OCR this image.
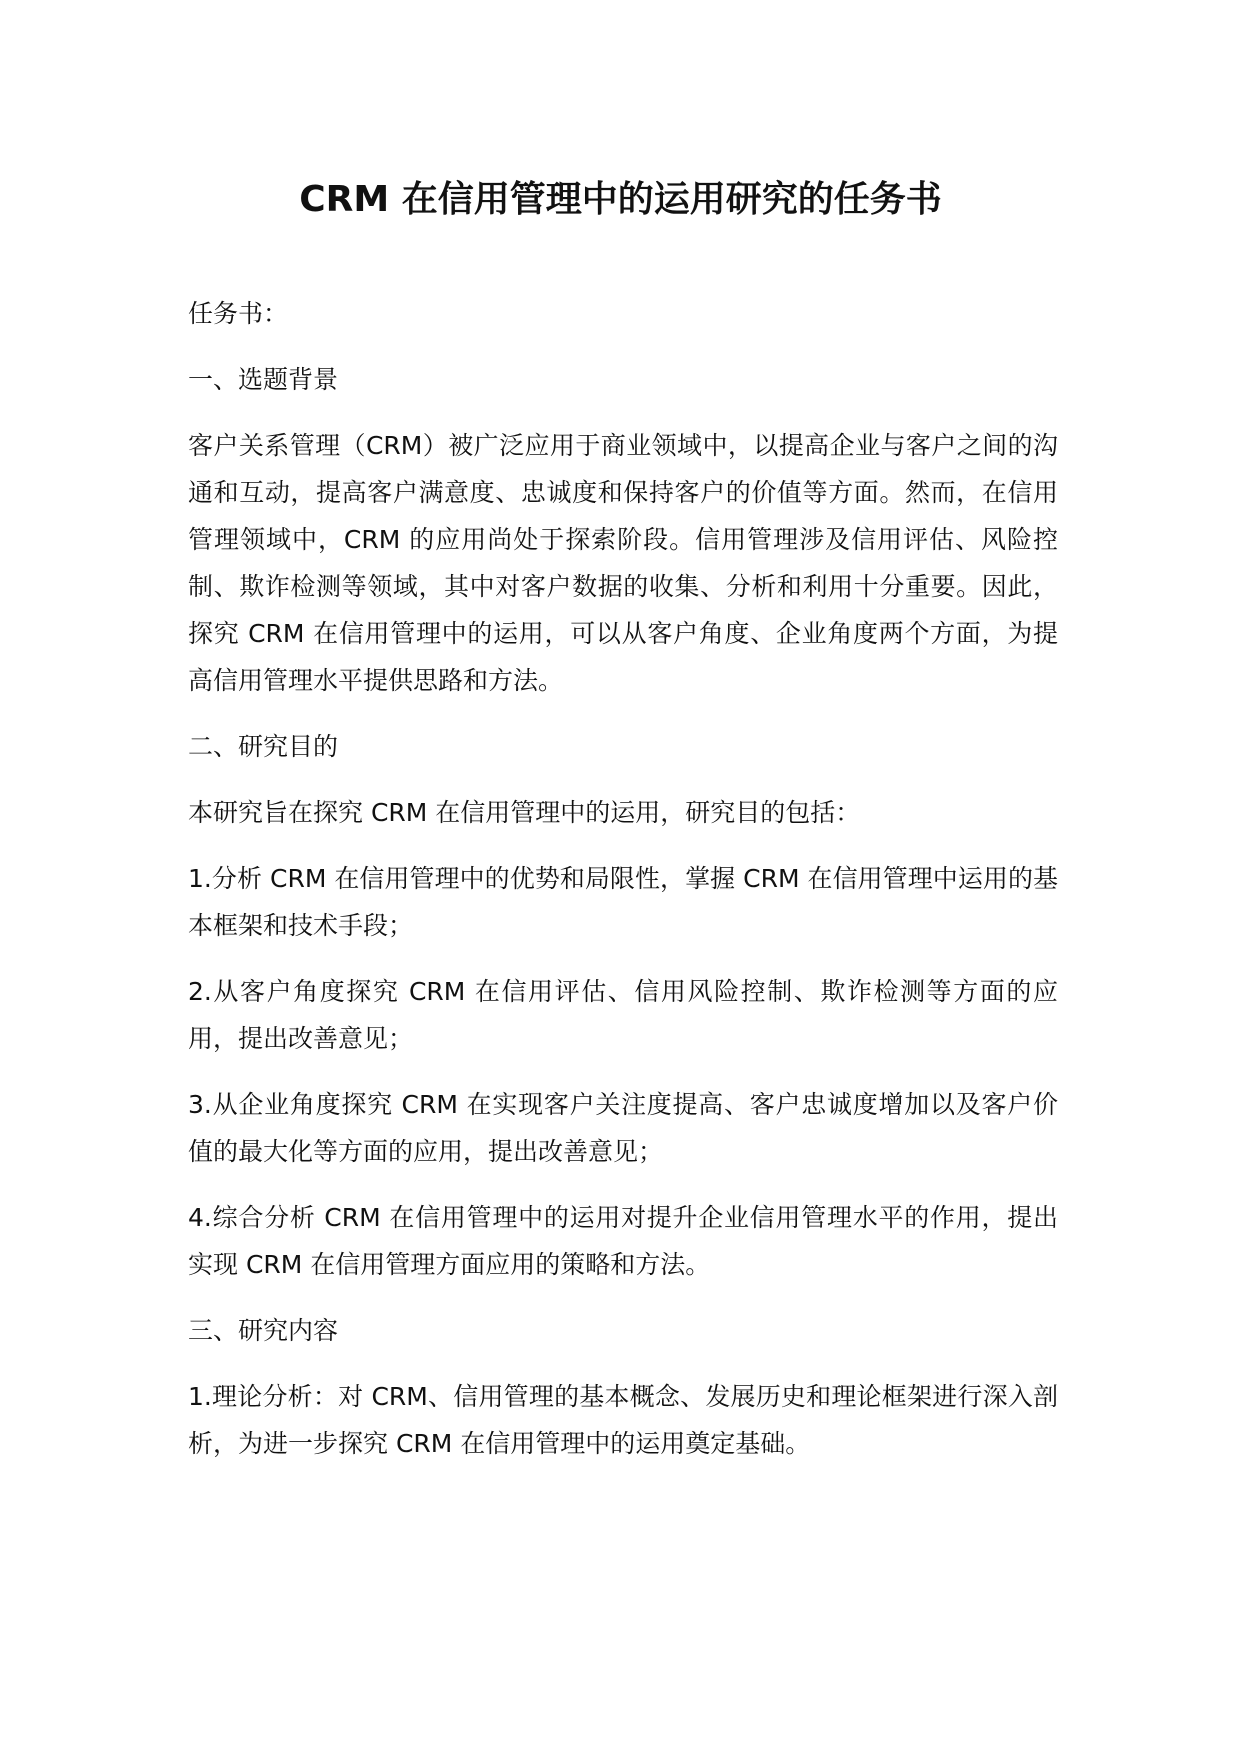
CRM 在信用管理中的运用研究的任务书

任务书：

一、选题背景

客户关系管理（CRM）被广泛应用于商业领域中，以提高企业与客户之间的沟通和互动，提高客户满意度、忠诚度和保持客户的价值等方面。然而，在信用管理领域中，CRM 的应用尚处于探索阶段。信用管理涉及信用评估、风险控制、欺诈检测等领域，其中对客户数据的收集、分析和利用十分重要。因此，探究 CRM 在信用管理中的运用，可以从客户角度、企业角度两个方面，为提高信用管理水平提供思路和方法。

二、研究目的

本研究旨在探究 CRM 在信用管理中的运用，研究目的包括：

1.分析 CRM 在信用管理中的优势和局限性，掌握 CRM 在信用管理中运用的基本框架和技术手段；

2.从客户角度探究 CRM 在信用评估、信用风险控制、欺诈检测等方面的应用，提出改善意见；

3.从企业角度探究 CRM 在实现客户关注度提高、客户忠诚度增加以及客户价值的最大化等方面的应用，提出改善意见；

4.综合分析 CRM 在信用管理中的运用对提升企业信用管理水平的作用，提出实现 CRM 在信用管理方面应用的策略和方法。

三、研究内容

1.理论分析：对 CRM、信用管理的基本概念、发展历史和理论框架进行深入剖析，为进一步探究 CRM 在信用管理中的运用奠定基础。
